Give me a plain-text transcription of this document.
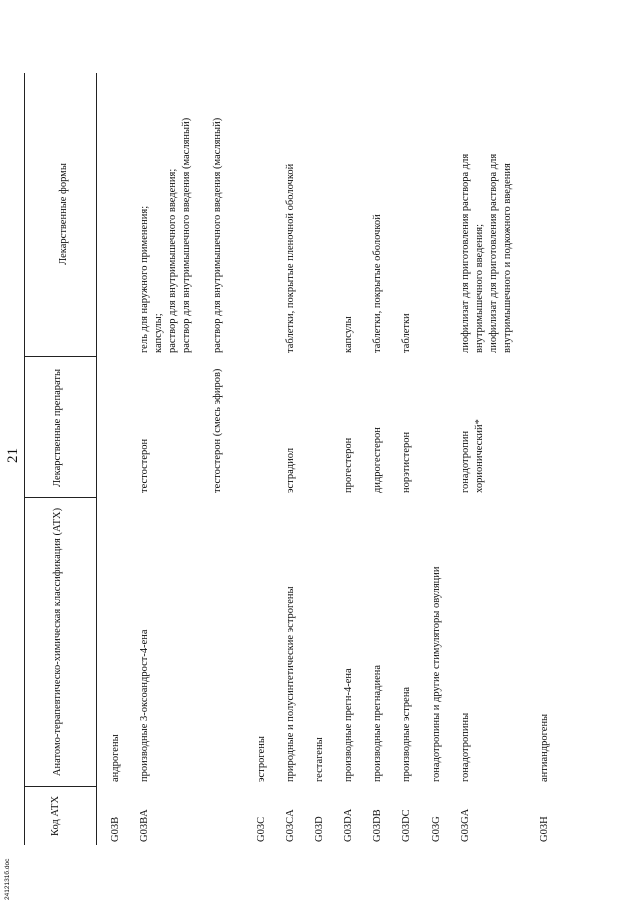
21
Код АТХ
Анатомо-терапевтическо-химическая классификация (АТХ)
Лекарственные препараты
Лекарственные формы
G03B
андрогены
G03BA
производные 3-оксоандрост-4-ена
тестостерон
гель для наружного применения; капсулы; раствор для внутримышечного введения; раствор для внутримышечного введения (масляный)
тестостерон (смесь эфиров)
раствор для внутримышечного введения (масляный)
G03C
эстрогены
G03CA
природные и полусинтетические эстрогены
эстрадиол
таблетки, покрытые пленочной оболочкой
G03D
гестагены
G03DA
производные прегн-4-ена
прогестерон
капсулы
G03DB
производные прегнадиена
дидрогестерон
таблетки, покрытые оболочкой
G03DC
производные эстрена
норэтистерон
таблетки
G03G
гонадотропины и другие стимуляторы овуляции
G03GA
гонадотропины
гонадотропин хорионический*
лиофилизат для приготовления раствора для внутримышечного введения; лиофилизат для приготовления раствора для внутримышечного и подкожного введения
G03H
антиандрогены
2412131б.doc
